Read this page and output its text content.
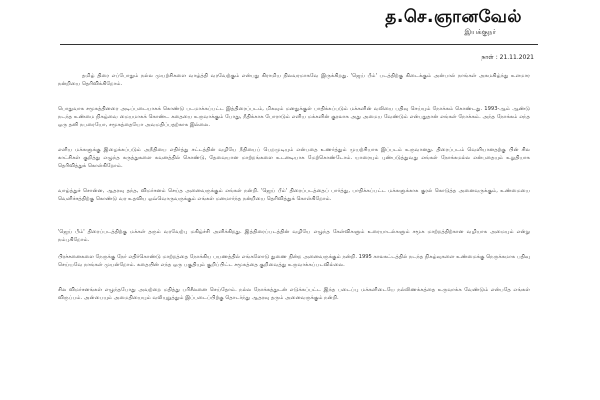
த.செ.ஞானவேல்
இயக்குநர்
நாள் : 21.11.2021

தமிழ் திரை எப்போதும் நல்ல முயற்சிகளை வாழ்த்தி வரவேற்கும் என்பது கிராமிய நிலவரமாகவே இருக்கிறது. 'ஜெய் பீம்' படத்திற்கு கிடைக்கும் அன்பால் நாங்கள் அகமகிழ்ந்து உளமார நன்றியை தெரிவிக்கிறோம்.

பொதுவாக சமூகத்தினரை அடிப்படையாகக் கொண்டு படமாக்கப்பட்ட இத்திரைப்படம், மிகவும் மனதுக்குள் பாதிக்கப்படும் மக்களின் வலியை பதிவு செய்யும் நோக்கம் கொண்டது. 1993-ஆம் ஆண்டு நடந்த உண்மை நிகழ்வை மையமாகக் கொண்ட கதையை உருவாக்கும் போது, நீதிக்காக போராடும் எளிய மக்களின் குரலாக அது அமைய வேண்டும் என்பதுதான் எங்கள் நோக்கம். அந்த நோக்கம் எந்த ஒரு தனி நபரையோ, சமூகத்தையோ அவமதிப்பதற்காக இல்லை.

எளிய மக்களுக்கு இழைக்கப்படும் அநீதியை எதிர்த்து சட்டத்தின் வழியே நீதியைப் பெறமுடியும் என்பதை உணர்த்தும் முயற்சியாக இப்படம் உருவானது. திரைப்படம் வெளியானதற்கு பின் சில காட்சிகள் குறித்து எழுந்த கருத்துகளை கவனத்தில் கொண்டு, தேவையான மாற்றங்களை உடனடியாக மேற்கொண்டோம். யாரையும் புண்படுத்துவது எங்கள் நோக்கமல்ல என்பதையும் உறுதியாக தெரிவித்துக் கொள்கிறோம்.

வாழ்த்துச் சொன்ன, ஆதரவு தந்த, விமர்சனம் செய்த அனைவருக்கும் எங்கள் நன்றி. 'ஜெய் பீம்' திரைப்படத்தைப் பார்த்து, பாதிக்கப்பட்ட மக்களுக்காக குரல் கொடுத்த அனைவருக்கும், உண்மையை வெளிச்சத்திற்கு கொண்டு வர உதவிய ஒவ்வொருவருக்கும் எங்கள் மனமார்ந்த நன்றியை தெரிவித்துக் கொள்கிறோம்.

'ஜெய் பீம்' திரைப்படத்திற்கு மக்கள் தரும் வரவேற்பு மகிழ்ச்சி அளிக்கிறது. இத்திரைப்படத்தின் வழியே எழுந்த கேள்விகளும் உரையாடல்களும் சமூக மாற்றத்திற்கான வழியாக அமையும் என்று நம்புகிறோம்.

பிரச்சனைகளை நேருக்கு நேர் எதிர்கொண்டு மாற்றத்தை நோக்கிய பயணத்தில் எங்களோடு துணை நின்ற அனைவருக்கும் நன்றி. 1995 காலகட்டத்தில் நடந்த நிகழ்வுகளை உண்மைக்கு நெருக்கமாக பதிவு செய்யவே நாங்கள் முயன்றோம். கதையின் எந்த ஒரு பகுதியும் குறிப்பிட்ட சமூகத்தை குறிவைத்து உருவாக்கப்படவில்லை.

சில விமர்சனங்கள் எழுந்தபோது அவற்றை மதித்து பரிசீலனை செய்தோம். நல்ல நோக்கத்துடன் எடுக்கப்பட்ட இந்த படைப்பு மக்களிடையே நல்லிணக்கத்தை உருவாக்க வேண்டும் என்பதே எங்கள் விருப்பம். அன்பையும் அமைதியையும் வலியுறுத்தும் இப்படைப்பிற்கு தொடர்ந்து ஆதரவு தரும் அனைவருக்கும் நன்றி.
